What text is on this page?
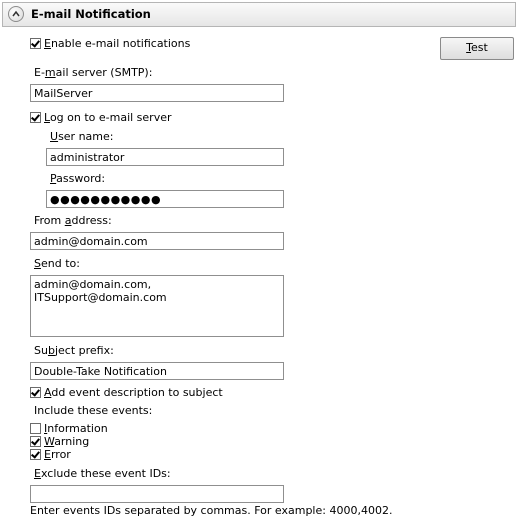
E-mail Notification
Enable e-mail notifications	Test
E-mail server (SMTP):
MailServer
Log on to e-mail server
User name:
administrator
Password:
●●●●●●●●●●●
From address:
admin@domain.com
Send to:
admin@domain.com, ITSupport@domain.com
Subject prefix:
Double-Take Notification
Add event description to subject
Include these events:
Information
Warning
Error
Exclude these event IDs:
Enter events IDs separated by commas. For example: 4000,4002.
